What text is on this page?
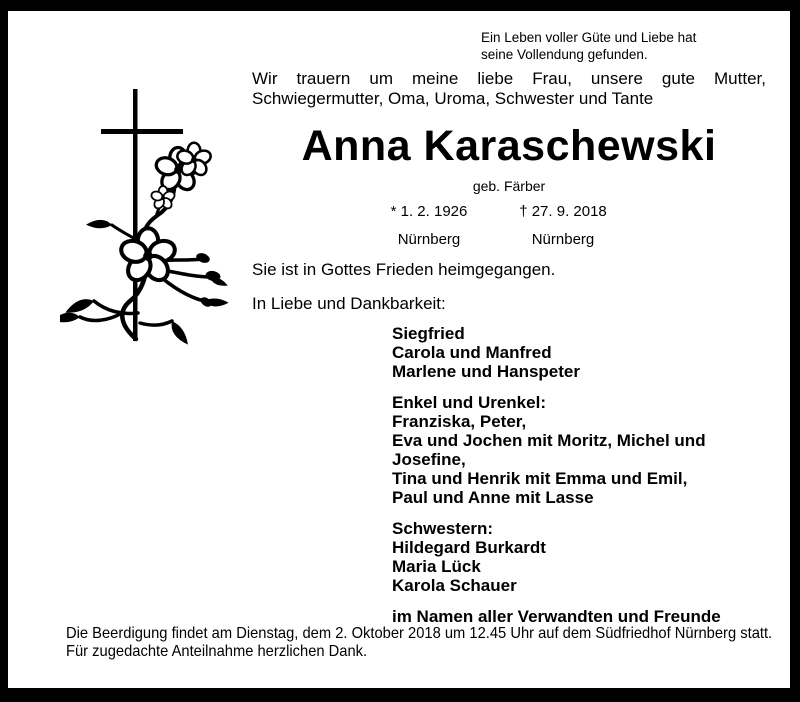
Ein Leben voller Güte und Liebe hat
seine Vollendung gefunden.
Wir trauern um meine liebe Frau, unsere gute Mutter,
Schwiegermutter, Oma, Uroma, Schwester und Tante
Anna Karaschewski
geb. Färber
* 1. 2. 1926
Nürnberg
† 27. 9. 2018
Nürnberg
Sie ist in Gottes Frieden heimgegangen.
In Liebe und Dankbarkeit:

Siegfried
Carola und Manfred
Marlene und Hanspeter

Enkel und Urenkel:
Franziska, Peter,
Eva und Jochen mit Moritz, Michel und
Josefine,
Tina und Henrik mit Emma und Emil,
Paul und Anne mit Lasse

Schwestern:
Hildegard Burkardt
Maria Lück
Karola Schauer

im Namen aller Verwandten und Freunde

Die Beerdigung findet am Dienstag, dem 2. Oktober 2018 um 12.45 Uhr auf dem Südfriedhof Nürnberg statt.
Für zugedachte Anteilnahme herzlichen Dank.
